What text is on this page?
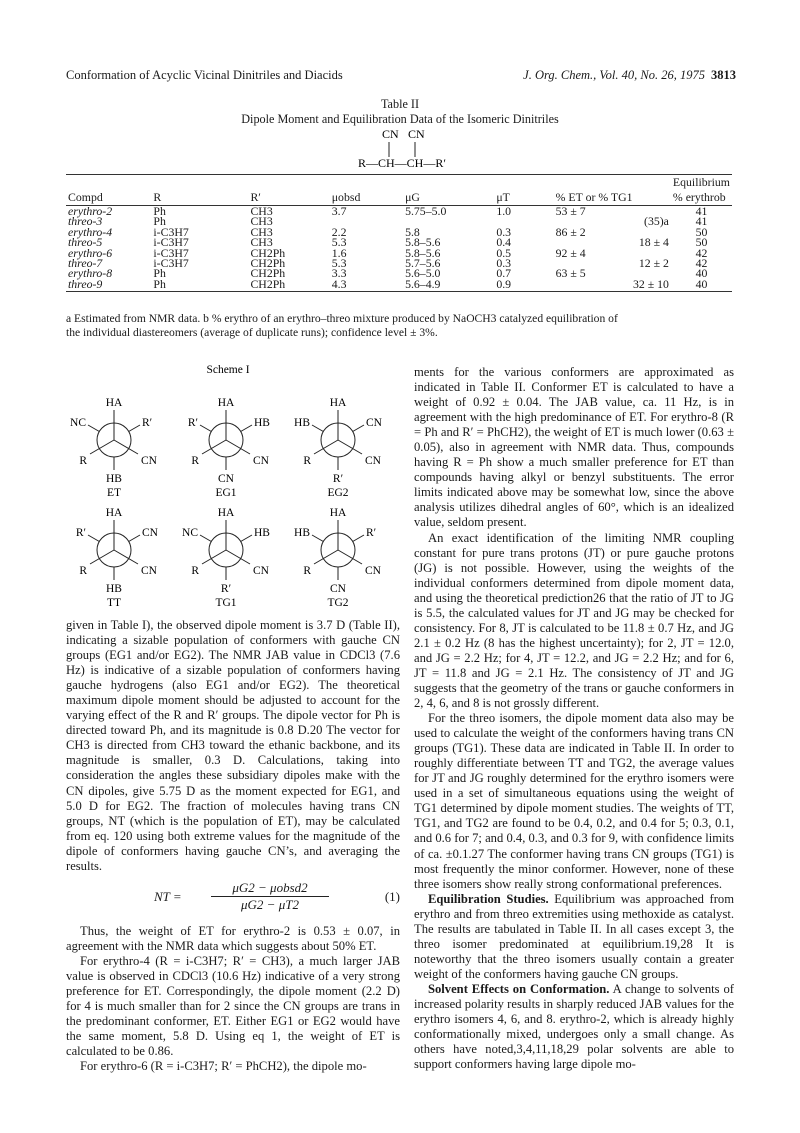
Conformation of Acyclic Vicinal Dinitriles and Diacids	J. Org. Chem., Vol. 40, No. 26, 1975 3813
Table II
Dipole Moment and Equilibration Data of the Isomeric Dinitriles
CN CN
R—CH—CH—R′
Compd	R	R′	μobsd	μG	μT	% ET or % TG1		Equilibrium
% erythrob

erythro-2	Ph	CH3	3.7	5.75–5.0	1.0	53 ± 7		41
threo-3	Ph	CH3					(35)a	41
erythro-4	i-C3H7	CH3	2.2	5.8	0.3	86 ± 2		50
threo-5	i-C3H7	CH3	5.3	5.8–5.6	0.4		18 ± 4	50
erythro-6	i-C3H7	CH2Ph	1.6	5.8–5.6	0.5	92 ± 4		42
threo-7	i-C3H7	CH2Ph	5.3	5.7–5.6	0.3		12 ± 2	42
erythro-8	Ph	CH2Ph	3.3	5.6–5.0	0.7	63 ± 5		40
threo-9	Ph	CH2Ph	4.3	5.6–4.9	0.9		32 ± 10	40
a Estimated from NMR data. b % erythro of an erythro–threo mixture produced by NaOCH3 catalyzed equilibration of
the individual diastereomers (average of duplicate runs); confidence level ± 3%.
Scheme I
HA
NC	R′
R	CN
HB
ET
HA
R′	HB
R	CN
CN
EG1
HA
HB	CN
R	CN
R′
EG2
HA
R′	CN
R	CN
HB
TT
HA
NC	HB
R	CN
R′
TG1
HA
HB	R′
R	CN
CN
TG2

given in Table I), the observed dipole moment is 3.7 D (Table II), indicating a sizable population of conformers with gauche CN groups (EG1 and/or EG2). The NMR JAB value in CDCl3 (7.6 Hz) is indicative of a sizable population of conformers having gauche hydrogens (also EG1 and/or EG2). The theoretical maximum dipole moment should be adjusted to account for the varying effect of the R and R′ groups. The dipole vector for Ph is directed toward Ph, and its magnitude is 0.8 D.20 The vector for CH3 is directed from CH3 toward the ethanic backbone, and its magnitude is smaller, 0.3 D. Calculations, taking into consideration the angles these subsidiary dipoles make with the CN dipoles, give 5.75 D as the moment expected for EG1, and 5.0 D for EG2. The fraction of molecules having trans CN groups, NT (which is the population of ET), may be calculated from eq. 120 using both extreme values for the magnitude of the dipole of conformers having gauche CN’s, and averaging the results.

NT =
μG2 − μobsd2
μG2 − μT2
(1)

Thus, the weight of ET for erythro-2 is 0.53 ± 0.07, in agreement with the NMR data which suggests about 50% ET.

For erythro-4 (R = i-C3H7; R′ = CH3), a much larger JAB value is observed in CDCl3 (10.6 Hz) indicative of a very strong preference for ET. Correspondingly, the dipole moment (2.2 D) for 4 is much smaller than for 2 since the CN groups are trans in the predominant conformer, ET. Either EG1 or EG2 would have the same moment, 5.8 D. Using eq 1, the weight of ET is calculated to be 0.86.

For erythro-6 (R = i-C3H7; R′ = PhCH2), the dipole mo-

ments for the various conformers are approximated as indicated in Table II. Conformer ET is calculated to have a weight of 0.92 ± 0.04. The JAB value, ca. 11 Hz, is in agreement with the high predominance of ET. For erythro-8 (R = Ph and R′ = PhCH2), the weight of ET is much lower (0.63 ± 0.05), also in agreement with NMR data. Thus, compounds having R = Ph show a much smaller preference for ET than compounds having alkyl or benzyl substituents. The error limits indicated above may be somewhat low, since the above analysis utilizes dihedral angles of 60°, which is an idealized value, seldom present.

An exact identification of the limiting NMR coupling constant for pure trans protons (JT) or pure gauche protons (JG) is not possible. However, using the weights of the individual conformers determined from dipole moment data, and using the theoretical prediction26 that the ratio of JT to JG is 5.5, the calculated values for JT and JG may be checked for consistency. For 8, JT is calculated to be 11.8 ± 0.7 Hz, and JG 2.1 ± 0.2 Hz (8 has the highest uncertainty); for 2, JT = 12.0, and JG = 2.2 Hz; for 4, JT = 12.2, and JG = 2.2 Hz; and for 6, JT = 11.8 and JG = 2.1 Hz. The consistency of JT and JG suggests that the geometry of the trans or gauche conformers in 2, 4, 6, and 8 is not grossly different.

For the threo isomers, the dipole moment data also may be used to calculate the weight of the conformers having trans CN groups (TG1). These data are indicated in Table II. In order to roughly differentiate between TT and TG2, the average values for JT and JG roughly determined for the erythro isomers were used in a set of simultaneous equations using the weight of TG1 determined by dipole moment studies. The weights of TT, TG1, and TG2 are found to be 0.4, 0.2, and 0.4 for 5; 0.3, 0.1, and 0.6 for 7; and 0.4, 0.3, and 0.3 for 9, with confidence limits of ca. ±0.1.27 The conformer having trans CN groups (TG1) is most frequently the minor conformer. However, none of these three isomers show really strong conformational preferences.

Equilibration Studies. Equilibrium was approached from erythro and from threo extremities using methoxide as catalyst. The results are tabulated in Table II. In all cases except 3, the threo isomer predominated at equilibrium.19,28 It is noteworthy that the threo isomers usually contain a greater weight of the conformers having gauche CN groups.

Solvent Effects on Conformation. A change to solvents of increased polarity results in sharply reduced JAB values for the erythro isomers 4, 6, and 8. erythro-2, which is already highly conformationally mixed, undergoes only a small change. As others have noted,3,4,11,18,29 polar solvents are able to support conformers having large dipole mo-
